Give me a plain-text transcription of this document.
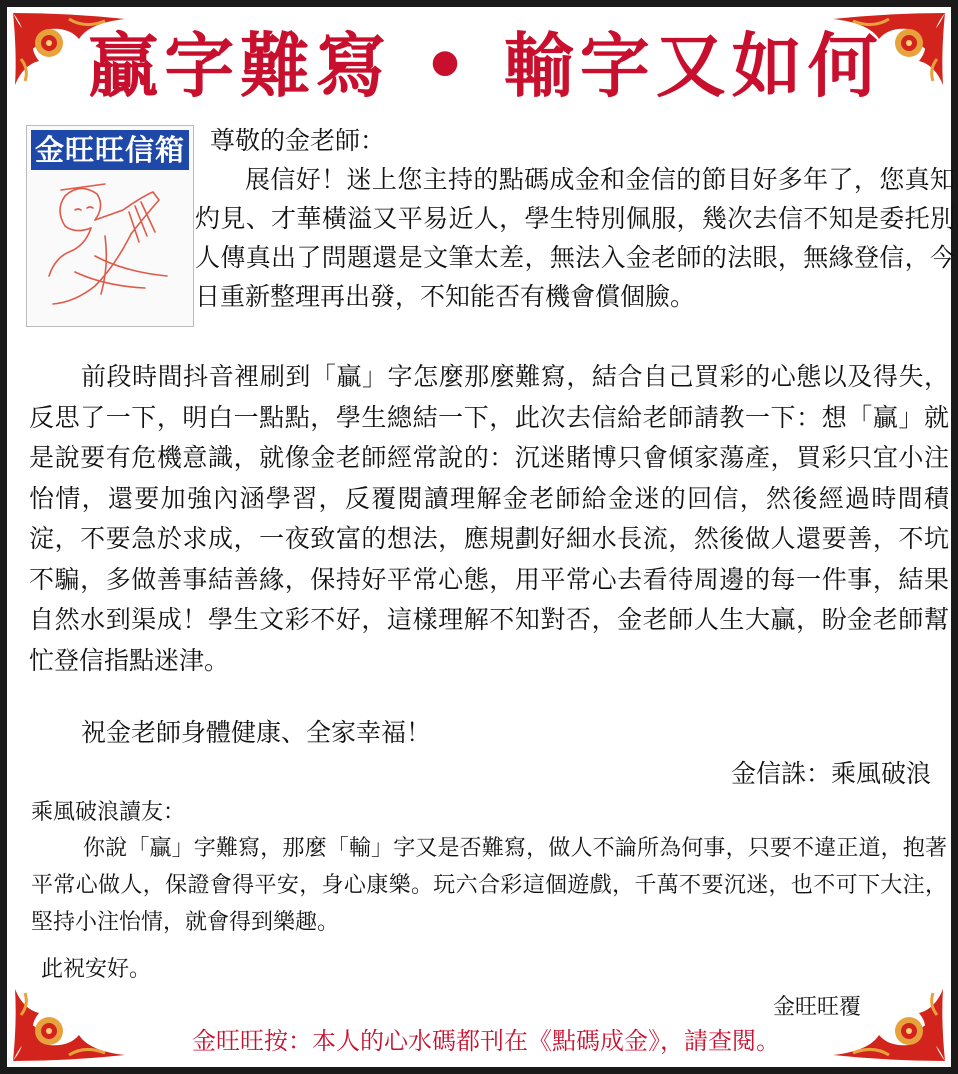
贏字難寫 • 輸字又如何
金旺旺信箱 尊敬的金老師：
展信好！迷上您主持的點碼成金和金信的節目好多年了，您真知灼見、才華橫溢又平易近人，學生特別佩服，幾次去信不知是委托別人傳真出了問題還是文筆太差，無法入金老師的法眼，無緣登信，今日重新整理再出發，不知能否有機會償個臉。
前段時間抖音裡刷到「贏」字怎麼那麼難寫，結合自己買彩的心態以及得失，反思了一下，明白一點點，學生總結一下，此次去信給老師請教一下：想「贏」就是說要有危機意識，就像金老師經常說的：沉迷賭博只會傾家蕩產，買彩只宜小注怡情，還要加強內涵學習，反覆閱讀理解金老師給金迷的回信，然後經過時間積淀，不要急於求成，一夜致富的想法，應規劃好細水長流，然後做人還要善，不坑不騙，多做善事結善緣，保持好平常心態，用平常心去看待周邊的每一件事，結果自然水到渠成！學生文彩不好，這樣理解不知對否，金老師人生大贏，盼金老師幫忙登信指點迷津。
祝金老師身體健康、全家幸福！
金信誅：乘風破浪
乘風破浪讀友：
你說「贏」字難寫，那麼「輸」字又是否難寫，做人不論所為何事，只要不違正道，抱著平常心做人，保證會得平安，身心康樂。玩六合彩這個遊戲，千萬不要沉迷，也不可下大注，堅持小注怡情，就會得到樂趣。
此祝安好。
金旺旺覆
金旺旺按：本人的心水碼都刊在《點碼成金》，請查閱。
